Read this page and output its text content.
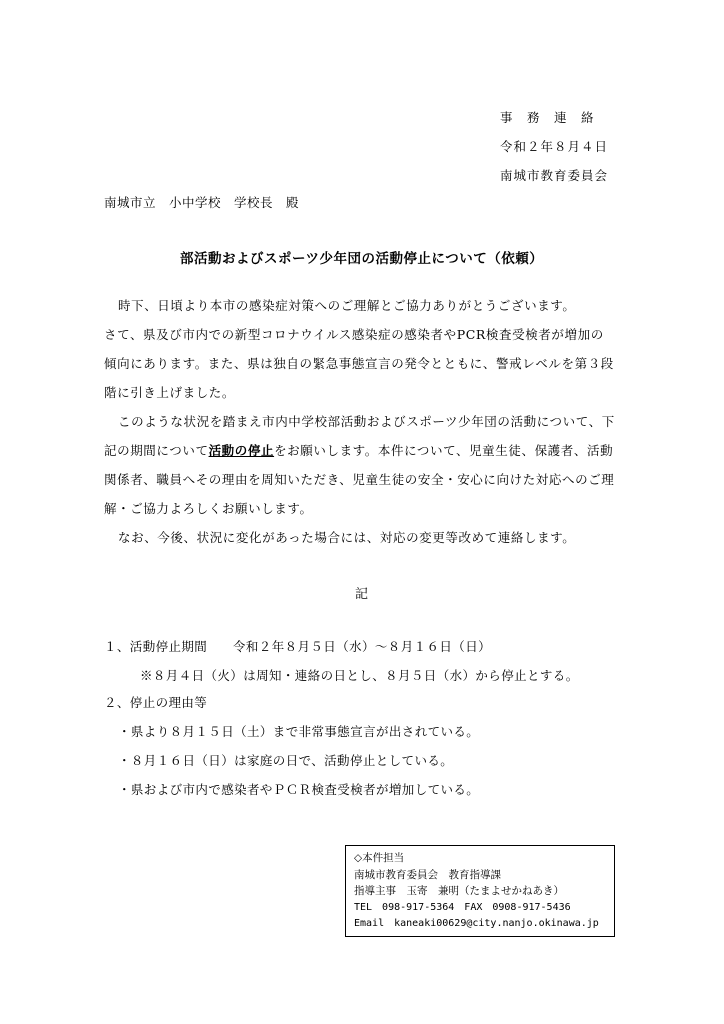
事　務　連　絡
令和２年８月４日
南城市教育委員会
南城市立　小中学校　学校長　殿
部活動およびスポーツ少年団の活動停止について（依頼）
時下、日頃より本市の感染症対策へのご理解とご協力ありがとうございます。
さて、県及び市内での新型コロナウイルス感染症の感染者やPCR検査受検者が増加の
傾向にあります。また、県は独自の緊急事態宣言の発令とともに、警戒レベルを第３段
階に引き上げました。
このような状況を踏まえ市内中学校部活動およびスポーツ少年団の活動について、下
記の期間について活動の停止をお願いします。本件について、児童生徒、保護者、活動
関係者、職員へその理由を周知いただき、児童生徒の安全・安心に向けた対応へのご理
解・ご協力よろしくお願いします。
なお、今後、状況に変化があった場合には、対応の変更等改めて連絡します。
記
１、活動停止期間　　令和２年８月５日（水）～８月１６日（日）
※８月４日（火）は周知・連絡の日とし、８月５日（水）から停止とする。
２、停止の理由等
・県より８月１５日（土）まで非常事態宣言が出されている。
・８月１６日（日）は家庭の日で、活動停止としている。
・県および市内で感染者やＰＣＲ検査受検者が増加している。
◇本件担当
南城市教育委員会　教育指導課
指導主事　玉寄　兼明（たまよせかねあき）
TEL　098-917-5364　FAX　0908-917-5436
Email　kaneaki00629@city.nanjo.okinawa.jp
